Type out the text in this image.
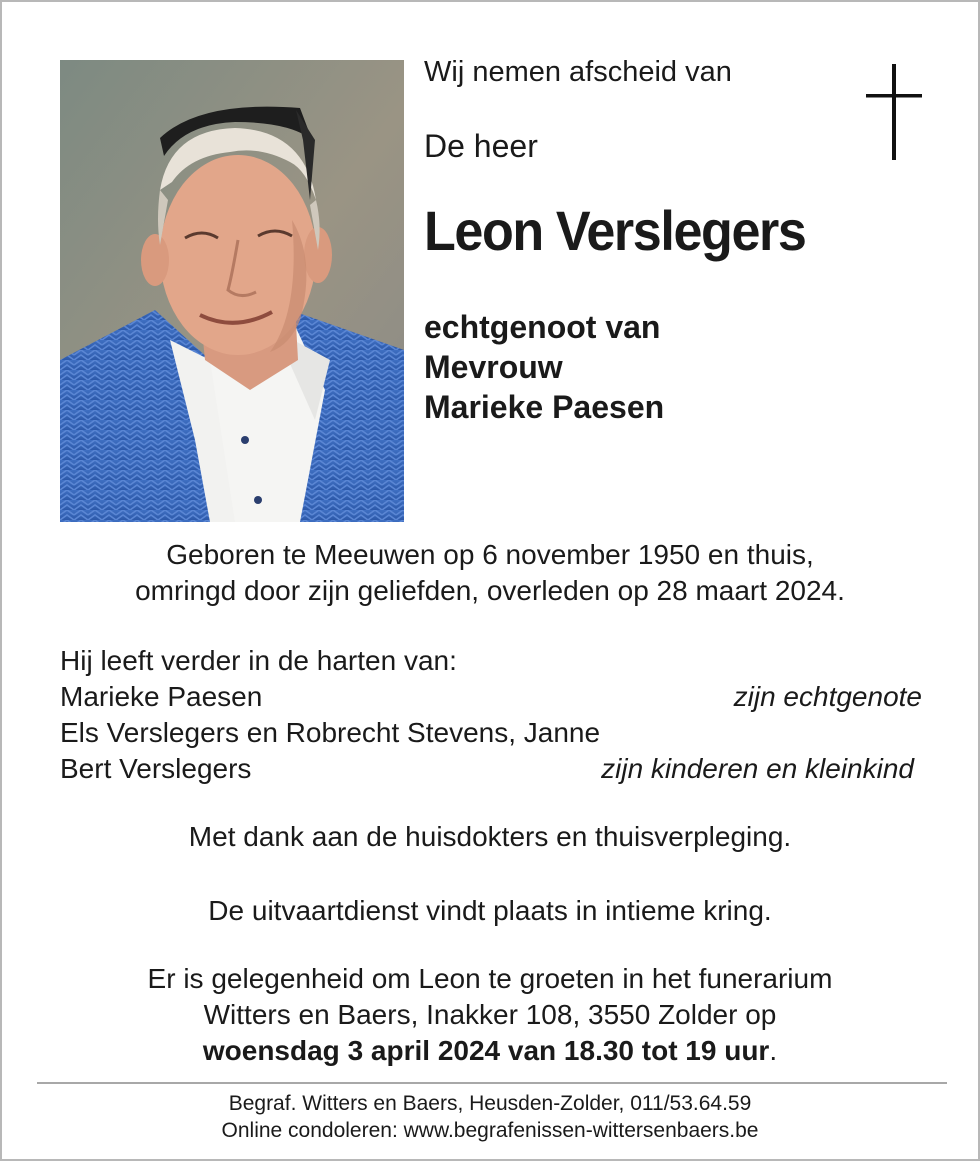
Wij nemen afscheid van
De heer
Leon Verslegers
echtgenoot van
Mevrouw
Marieke Paesen
Geboren te Meeuwen op 6 november 1950 en thuis,
omringd door zijn geliefden, overleden op 28 maart 2024.
Hij leeft verder in de harten van:
Marieke Paesen	zijn echtgenote
Els Verslegers en Robrecht Stevens, Janne
Bert Verslegers	zijn kinderen en kleinkind
Met dank aan de huisdokters en thuisverpleging.
De uitvaartdienst vindt plaats in intieme kring.
Er is gelegenheid om Leon te groeten in het funerarium
Witters en Baers, Inakker 108, 3550 Zolder op
woensdag 3 april 2024 van 18.30 tot 19 uur.
Begraf. Witters en Baers, Heusden-Zolder, 011/53.64.59
Online condoleren: www.begrafenissen-wittersenbaers.be
